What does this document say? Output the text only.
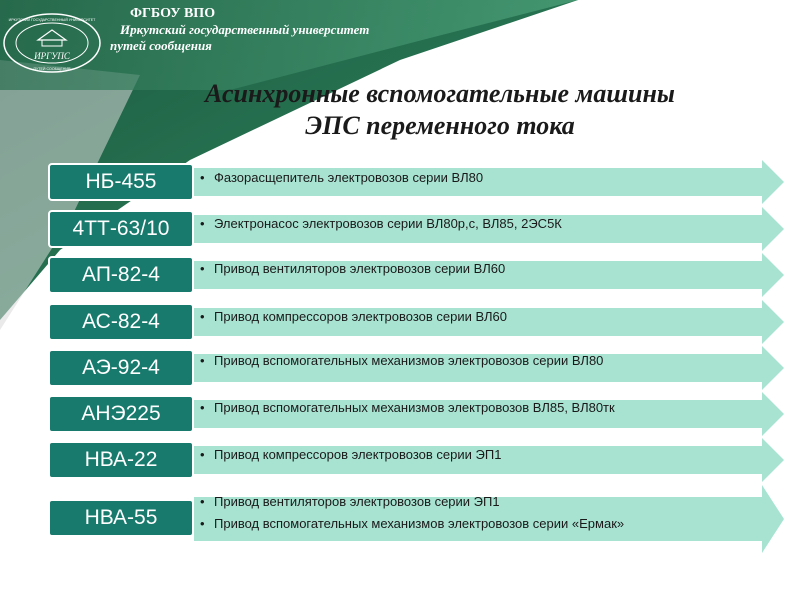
ИРГУПС
ИРКУТСКИЙ ГОСУДАРСТВЕННЫЙ УНИВЕРСИТЕТ
ПУТЕЙ СООБЩЕНИЯ
ФГБОУ ВПО
Иркутский государственный университет
путей сообщения
Асинхронные вспомогательные машины
ЭПС переменного тока
НБ-455	• Фазорасщепитель электровозов серии ВЛ80
4ТТ-63/10	• Электронасос электровозов серии ВЛ80р,с, ВЛ85, 2ЭС5К
АП-82-4	• Привод вентиляторов электровозов серии ВЛ60
АС-82-4	• Привод компрессоров электровозов серии ВЛ60
АЭ-92-4	• Привод вспомогательных механизмов электровозов серии ВЛ80
АНЭ225	• Привод вспомогательных механизмов электровозов ВЛ85, ВЛ80тк
НВА-22	• Привод компрессоров электровозов серии ЭП1
НВА-55
• Привод вентиляторов электровозов серии ЭП1
• Привод вспомогательных механизмов электровозов серии «Ермак»
